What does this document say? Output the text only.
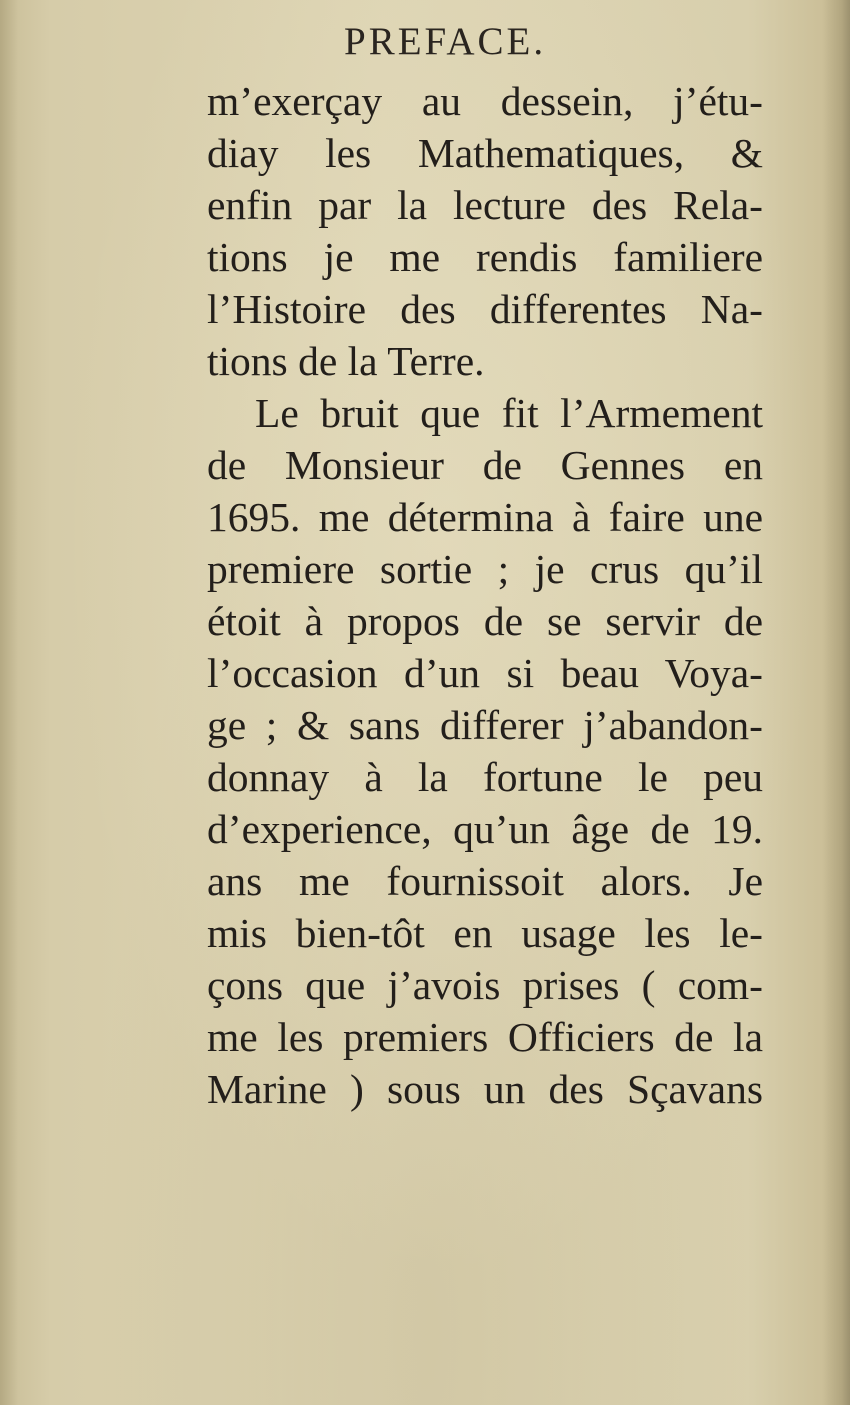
PREFACE.
m’exerçay au dessein, j’étu-
diay les Mathematiques, &
enfin par la lecture des Rela-
tions je me rendis familiere
l’Histoire des differentes Na-
tions de la Terre.
Le bruit que fit l’Armement
de Monsieur de Gennes en
1695. me détermina à faire une
premiere sortie ; je crus qu’il
étoit à propos de se servir de
l’occasion d’un si beau Voya-
ge ; & sans differer j’abandon-
donnay à la fortune le peu
d’experience, qu’un âge de 19.
ans me fournissoit alors. Je
mis bien-tôt en usage les le-
çons que j’avois prises ( com-
me les premiers Officiers de la
Marine ) sous un des Sçavans
